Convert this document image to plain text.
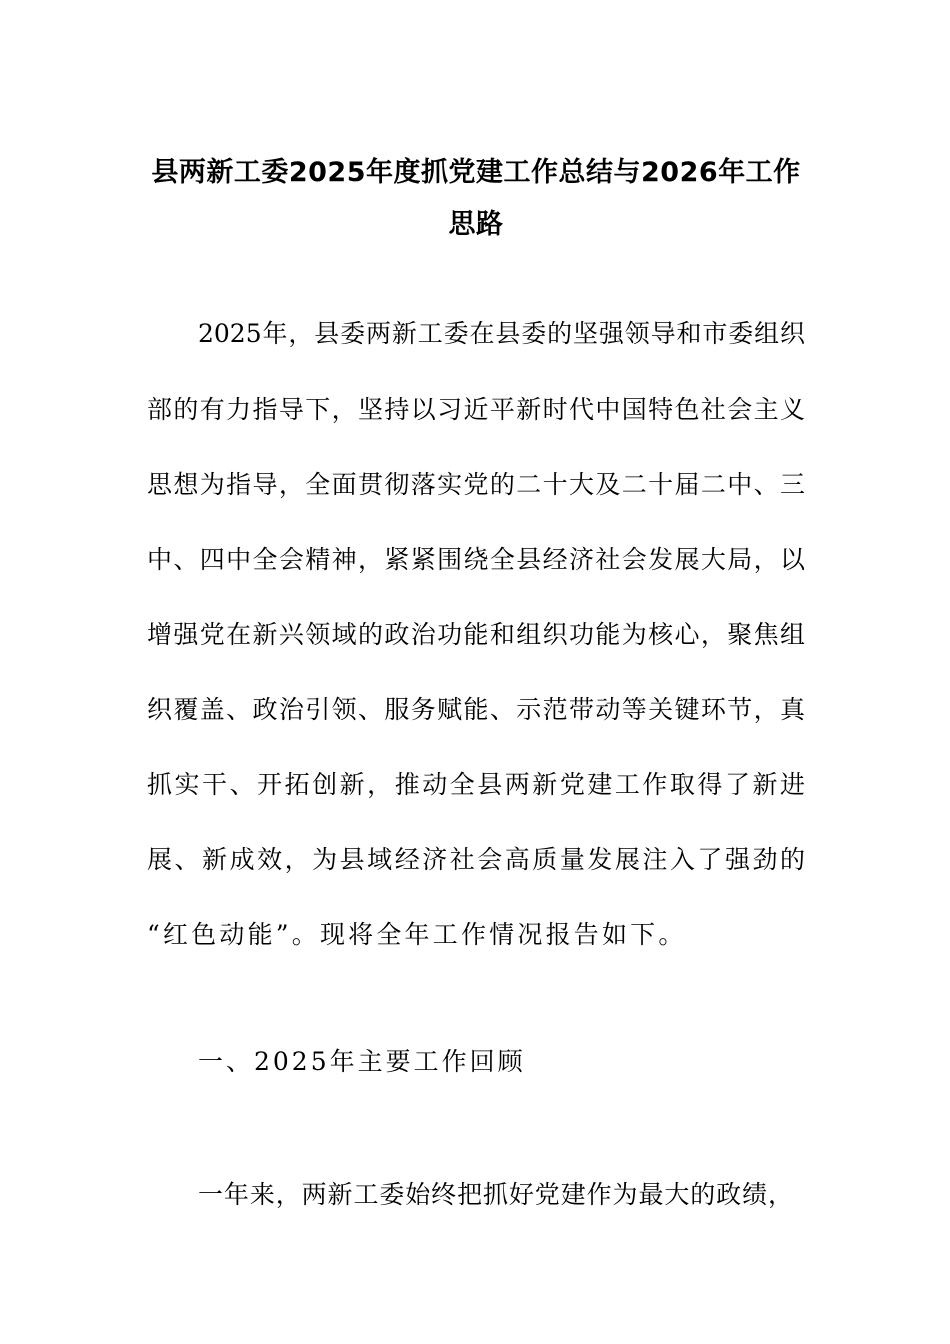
县两新工委2025年度抓党建工作总结与2026年工作
思路
2025年，县委两新工委在县委的坚强领导和市委组织
部的有力指导下，坚持以习近平新时代中国特色社会主义
思想为指导，全面贯彻落实党的二十大及二十届二中、三
中、四中全会精神，紧紧围绕全县经济社会发展大局，以
增强党在新兴领域的政治功能和组织功能为核心，聚焦组
织覆盖、政治引领、服务赋能、示范带动等关键环节，真
抓实干、开拓创新，推动全县两新党建工作取得了新进
展、新成效，为县域经济社会高质量发展注入了强劲的
“红色动能”。现将全年工作情况报告如下。
一、2025年主要工作回顾
一年来，两新工委始终把抓好党建作为最大的政绩，
